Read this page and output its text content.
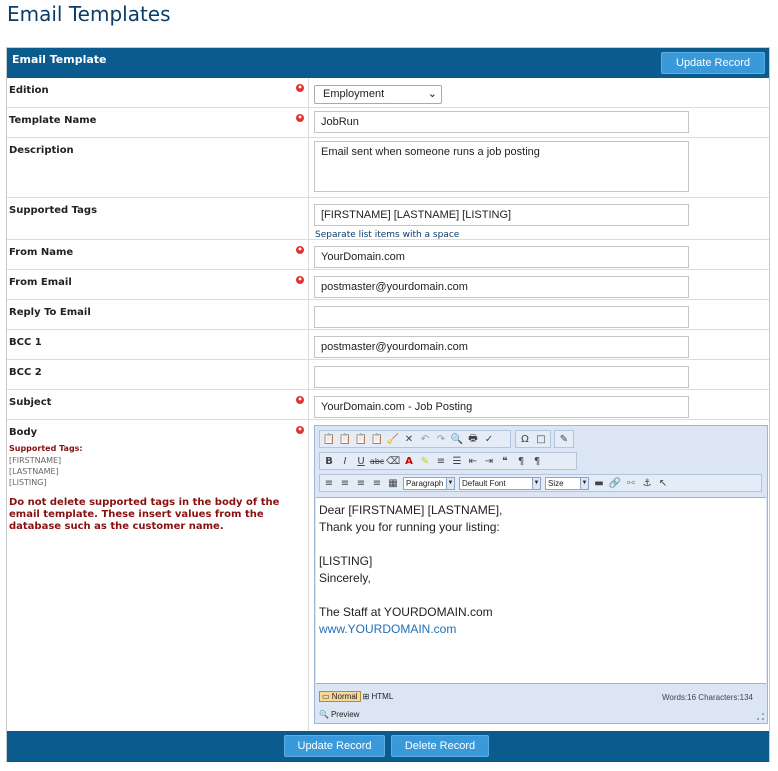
Email Templates
Email Template	Update Record
Edition	•
Employment	⌄
Template Name	•	JobRun
Description	Email sent when someone runs a job posting
Supported Tags	[FIRSTNAME] [LASTNAME] [LISTING]
Separate list items with a space
From Name	•
YourDomain.com
From Email	•
postmaster@yourdomain.com
Reply To Email
BCC 1	postmaster@yourdomain.com
BCC 2
Subject	•
YourDomain.com - Job Posting
Body	•
Supported Tags:
[FIRSTNAME]
[LASTNAME]
[LISTING]
Do not delete supported tags in the body of the email template. These insert values from the database such as the customer name.
📋 📋 📋 📋 🧹 ✕ ↶ ↷ 🔍 🖶 ✓	Ω □ ✎
B	I	U abc ⌫ A ✎ ≡ ☰ ⇤ ⇥ ❝	¶ ¶
≡ ≡ ≡ ≡ ▦ Paragraph ▼ Default Font	▼ Size	▼ ▬ 🔗 ⚯ ⚓ ↖
Dear [FIRSTNAME] [LASTNAME],
Thank you for running your listing:
[LISTING]
Sincerely,
The Staff at YOURDOMAIN.com
www.YOURDOMAIN.com
▭ Normal ⊞ HTML
🔍 Preview
Words:16 Characters:134
Update Record	Delete Record
